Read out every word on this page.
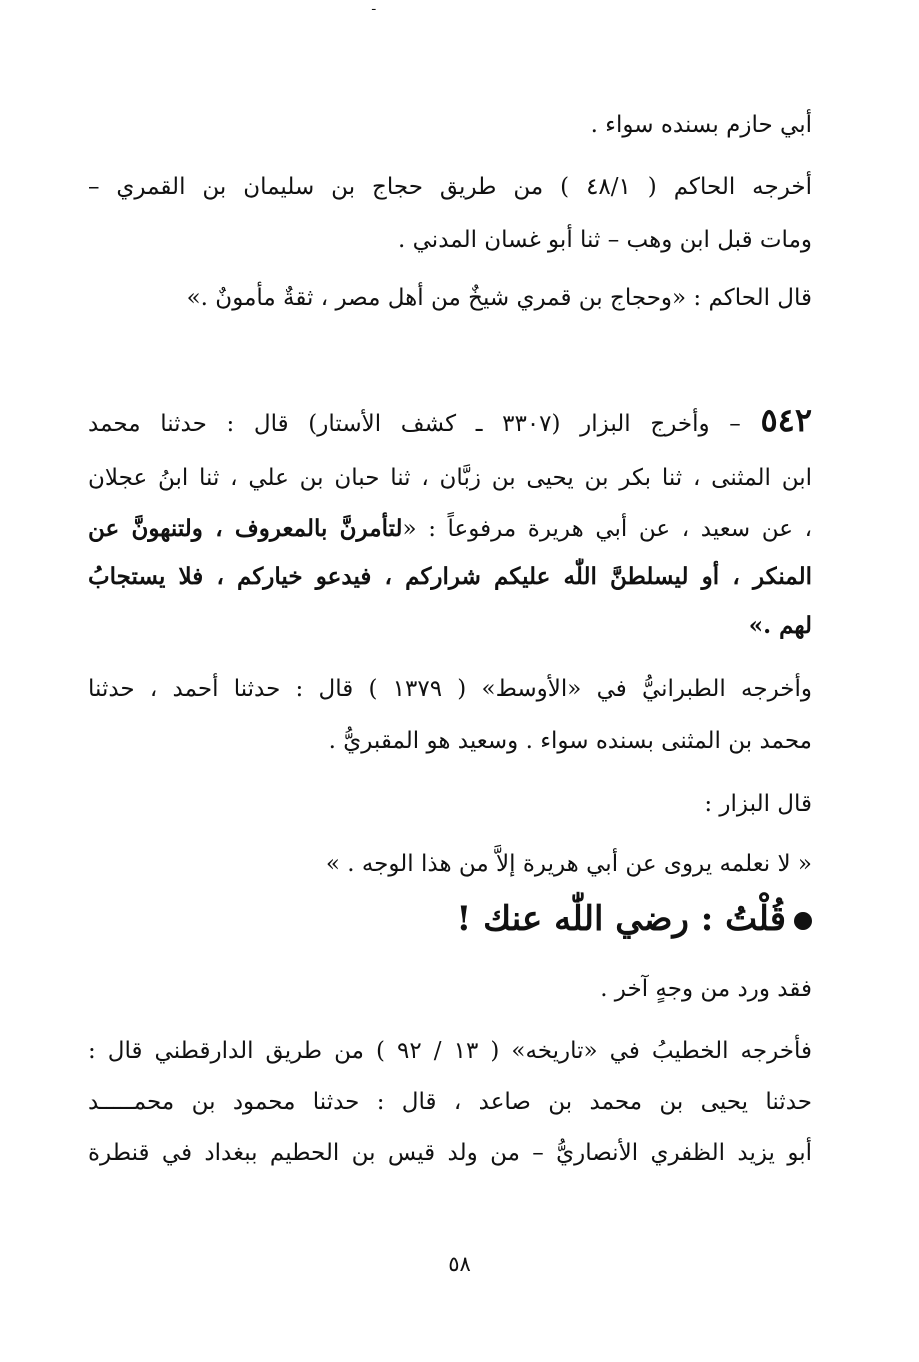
ـ
أبي حازم بسنده سواء .
أخرجه الحاكم ( ٤٨/١ ) من طريق حجاج بن سليمان بن القمري –
ومات قبل ابن وهب – ثنا أبو غسان المدني .
قال الحاكم : «وحجاج بن قمري شيخٌ من أهل مصر ، ثقةٌ مأمونٌ .»
٥٤٢ – وأخرج البزار (٣٣٠٧ ـ كشف الأستار) قال : حدثنا محمد
ابن المثنى ، ثنا بكر بن يحيى بن زبَّان ، ثنا حبان بن علي ، ثنا ابنُ عجلان
، عن سعيد ، عن أبي هريرة مرفوعاً : «لتأمرنَّ بالمعروف ، ولتنهونَّ عن
المنكر ، أو ليسلطنَّ اللّٰه عليكم شراركم ، فيدعو خياركم ، فلا يستجابُ
لهم .»
وأخرجه الطبرانيُّ في «الأوسط» ( ١٣٧٩ ) قال : حدثنا أحمد ، حدثنا
محمد بن المثنى بسنده سواء . وسعيد هو المقبريُّ .
قال البزار :
« لا نعلمه يروى عن أبي هريرة إلاَّ من هذا الوجه . »
قُلْتُ : رضي اللّٰه عنك !
فقد ورد من وجهٍ آخر .
فأخرجه الخطيبُ في «تاريخه» ( ١٣ / ٩٢ ) من طريق الدارقطني قال :
حدثنا يحيى بن محمد بن صاعد ، قال : حدثنا محمود بن محمـــــد
أبو يزيد الظفري الأنصاريُّ – من ولد قيس بن الحطيم ببغداد في قنطرة
٥٨
